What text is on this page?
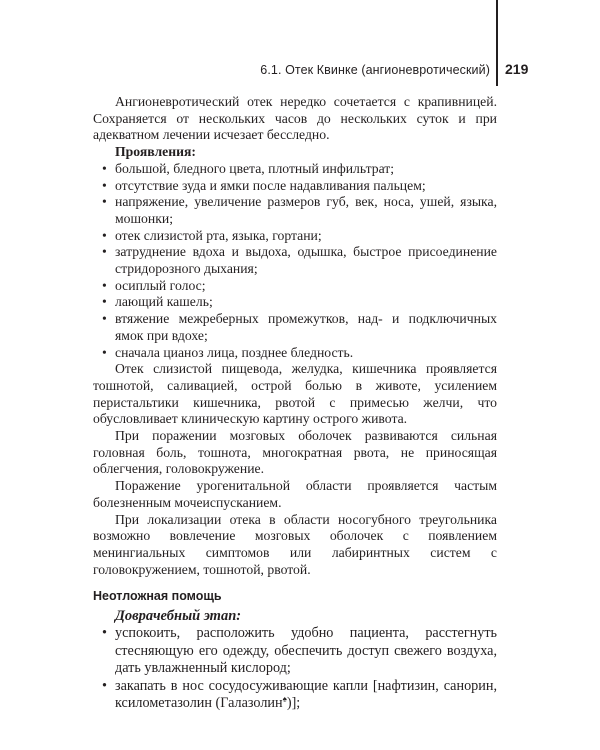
6.1. Отек Квинке (ангионевротический) 219

Ангионевротический отек нередко сочетается с крапивницей. Сохраняется от нескольких часов до нескольких суток и при адекватном лечении исчезает бесследно.

Проявления:

• большой, бледного цвета, плотный инфильтрат;
• отсутствие зуда и ямки после надавливания пальцем;
• напряжение, увеличение размеров губ, век, носа, ушей, языка, мошонки;
• отек слизистой рта, языка, гортани;
• затруднение вдоха и выдоха, одышка, быстрое присоединение стридорозного дыхания;
• осиплый голос;
• лающий кашель;
• втяжение межреберных промежутков, над- и подключичных ямок при вдохе;
• сначала цианоз лица, позднее бледность.

Отек слизистой пищевода, желудка, кишечника проявляется тошнотой, саливацией, острой болью в животе, усилением перистальтики кишечника, рвотой с примесью желчи, что обусловливает клиническую картину острого живота.

При поражении мозговых оболочек развиваются сильная головная боль, тошнота, многократная рвота, не приносящая облегчения, головокружение.

Поражение урогенитальной области проявляется частым болезненным мочеиспусканием.

При локализации отека в области носогубного треугольника возможно вовлечение мозговых оболочек с появлением менингиальных симптомов или лабиринтных систем с головокружением, тошнотой, рвотой.

Неотложная помощь

Доврачебный этап:

• успокоить, расположить удобно пациента, расстегнуть стесняющую его одежду, обеспечить доступ свежего воздуха, дать увлажненный кислород;
• закапать в нос сосудосуживающие капли [нафтизин, санорин, ксилометазолин (Галазолин♠)];
